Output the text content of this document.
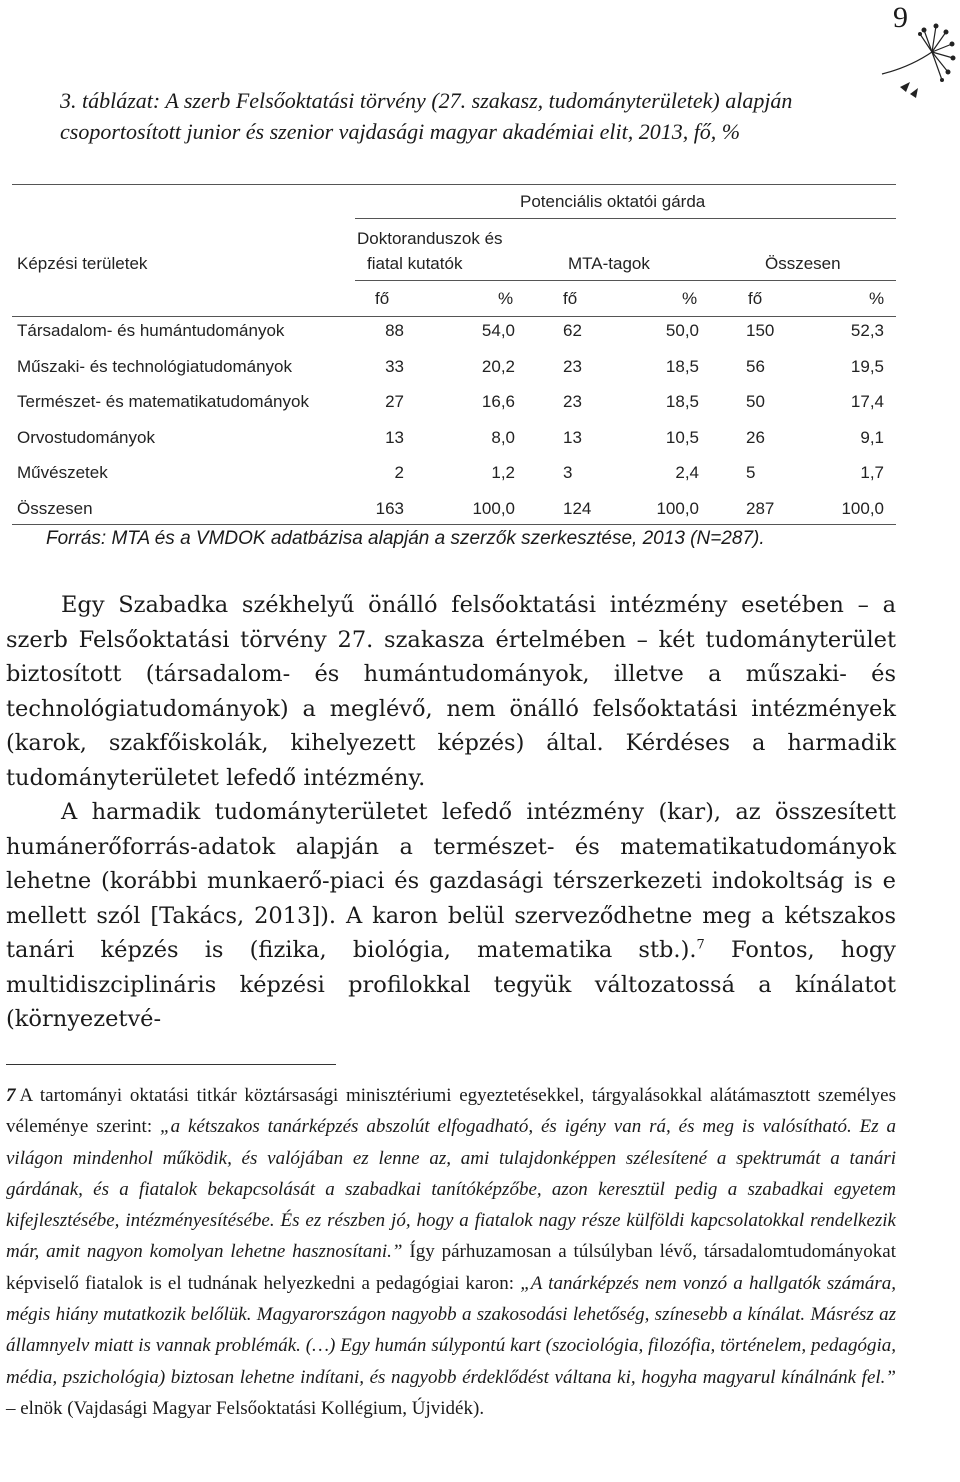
9
3. táblázat: A szerb Felsőoktatási törvény (27. szakasz, tudományterületek) alapján
csoportosított junior és szenior vajdasági magyar akadémiai elit, 2013, fő, %
Potenciális oktatói gárda
Doktoranduszok és
Képzési területek	fiatal kutatók	MTA-tagok	Összesen
fő	%	fő	%	fő	%
Társadalom- és humántudományok	88	54,0	62	50,0	150	52,3
Műszaki- és technológiatudományok	33	20,2	23	18,5	56	19,5
Természet- és matematikatudományok	27	16,6	23	18,5	50	17,4
Orvostudományok	13	8,0	13	10,5	26	9,1
Művészetek	2	1,2	3	2,4	5	1,7
Összesen	163	100,0	124	100,0	287	100,0
Forrás: MTA és a VMDOK adatbázisa alapján a szerzők szerkesztése, 2013 (N=287).

Egy Szabadka székhelyű önálló felsőoktatási intézmény esetében – a szerb Felsőoktatási törvény 27. szakasza értelmében – két tudományterület biztosított (társadalom- és humántudományok, illetve a műszaki- és technológiatudományok) a meglévő, nem önálló felsőoktatási intézmények (karok, szakfőiskolák, kihelyezett képzés) által. Kérdéses a harmadik tudományterületet lefedő intézmény.

A harmadik tudományterületet lefedő intézmény (kar), az összesített humánerőforrás-adatok alapján a természet- és matematikatudományok lehetne (korábbi munkaerő-piaci és gazdasági térszerkezeti indokoltság is e mellett szól [Takács, 2013]). A karon belül szerveződhetne meg a kétszakos tanári képzés is (fizika, biológia, matematika stb.).$^7$ Fontos, hogy multidiszciplináris képzési profilokkal tegyük változatossá a kínálatot (környezetvé-

7 A tartományi oktatási titkár köztársasági minisztériumi egyeztetésekkel, tárgyalásokkal alátámasztott személyes véleménye szerint: „a kétszakos tanárképzés abszolút elfogadható, és igény van rá, és meg is valósítható. Ez a világon mindenhol működik, és valójában ez lenne az, ami tulajdonképpen szélesítené a spektrumát a tanári gárdának, és a fiatalok bekapcsolását a szabadkai tanítóképzőbe, azon keresztül pedig a szabadkai egyetem kifejlesztésébe, intézményesítésébe. És ez részben jó, hogy a fiatalok nagy része külföldi kapcsolatokkal rendelkezik már, amit nagyon komolyan lehetne hasznosítani.” Így párhuzamosan a túlsúlyban lévő, társadalomtudományokat képviselő fiatalok is el tudnának helyezkedni a pedagógiai karon: „A tanárképzés nem vonzó a hallgatók számára, mégis hiány mutatkozik belőlük. Magyarországon nagyobb a szakosodási lehetőség, színesebb a kínálat. Másrész az államnyelv miatt is vannak problémák. (…) Egy humán súlypontú kart (szociológia, filozófia, történelem, pedagógia, média, pszichológia) biztosan lehetne indítani, és nagyobb érdeklődést váltana ki, hogyha magyarul kínálnánk fel.” – elnök (Vajdasági Magyar Felsőoktatási Kollégium, Újvidék).
